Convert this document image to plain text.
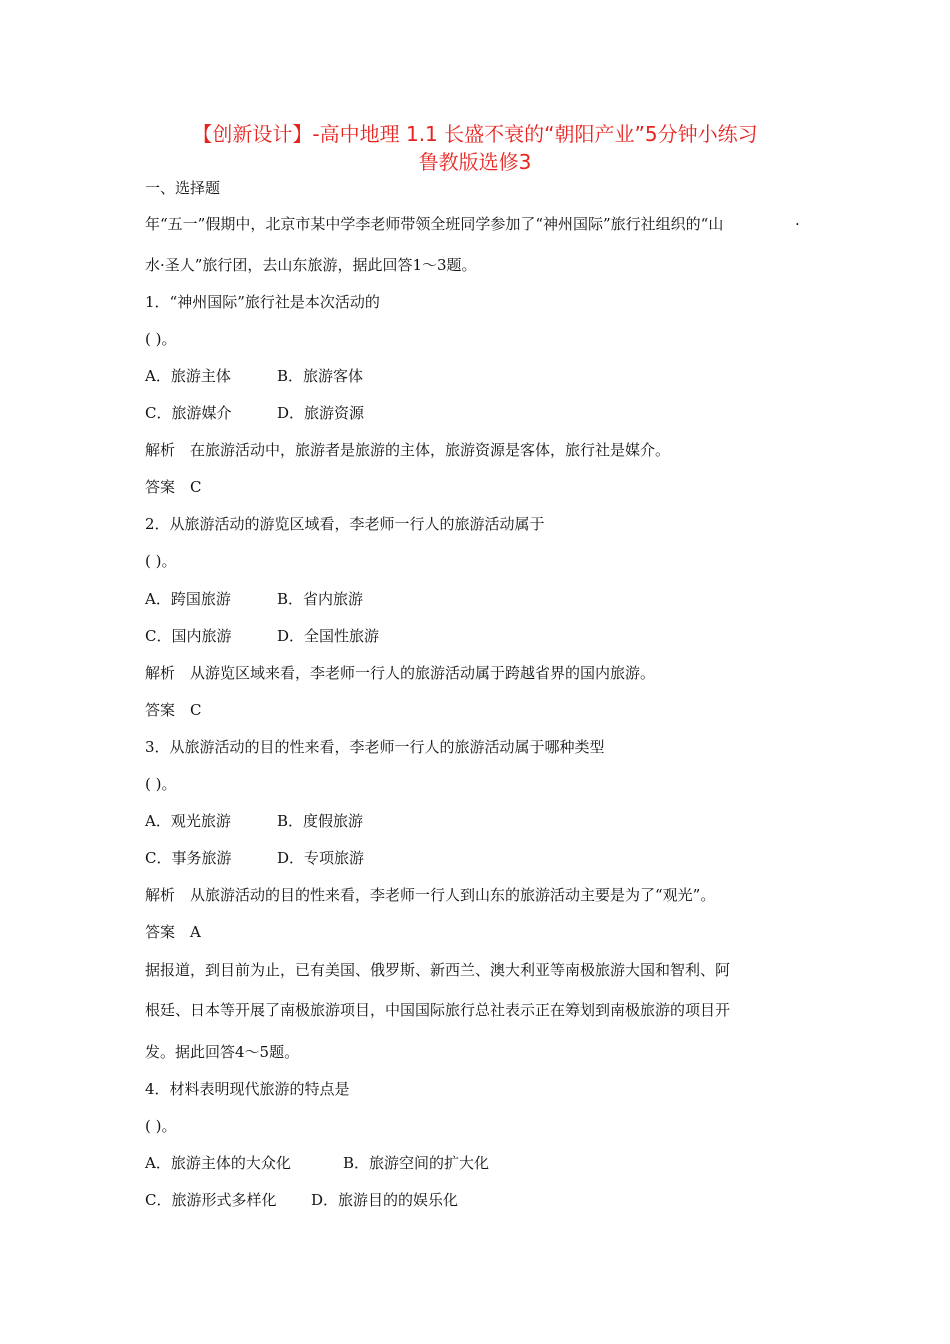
【创新设计】-高中地理 1.1 长盛不衰的“朝阳产业”5分钟小练习
鲁教版选修3
一、选择题
年“五一”假期中，北京市某中学李老师带领全班同学参加了“神州国际”旅行社组织的“山	·
水·圣人”旅行团，去山东旅游，据此回答1～3题。
1．“神州国际”旅行社是本次活动的
( )。
A．旅游主体	B．旅游客体
C．旅游媒介	D．旅游资源
解析　在旅游活动中，旅游者是旅游的主体，旅游资源是客体，旅行社是媒介。
答案　C
2．从旅游活动的游览区域看，李老师一行人的旅游活动属于
( )。
A．跨国旅游	B．省内旅游
C．国内旅游	D．全国性旅游
解析　从游览区域来看，李老师一行人的旅游活动属于跨越省界的国内旅游。
答案　C
3．从旅游活动的目的性来看，李老师一行人的旅游活动属于哪种类型
( )。
A．观光旅游	B．度假旅游
C．事务旅游	D．专项旅游
解析　从旅游活动的目的性来看，李老师一行人到山东的旅游活动主要是为了“观光”。
答案　A
据报道，到目前为止，已有美国、俄罗斯、新西兰、澳大利亚等南极旅游大国和智利、阿
根廷、日本等开展了南极旅游项目，中国国际旅行总社表示正在筹划到南极旅游的项目开
发。据此回答4～5题。
4．材料表明现代旅游的特点是
( )。
A．旅游主体的大众化	B．旅游空间的扩大化
C．旅游形式多样化 D．旅游目的的娱乐化
